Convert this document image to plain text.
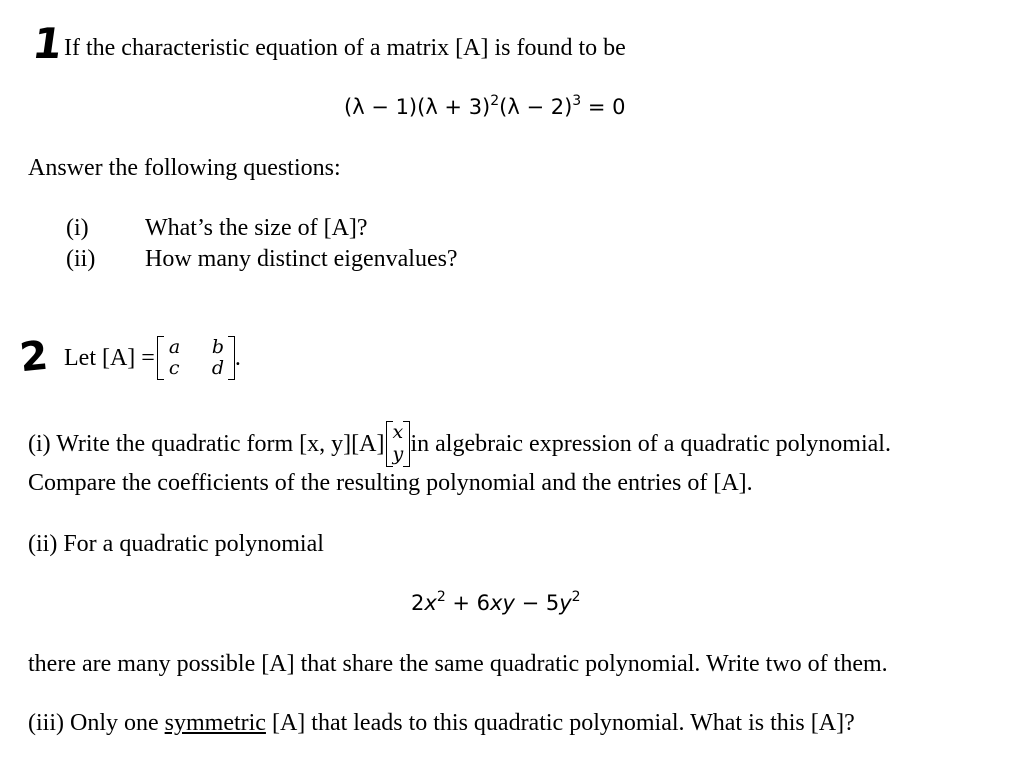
1
If the characteristic equation of a matrix [A] is found to be
$(\lambda - 1)(\lambda + 3)^2(\lambda - 2)^3 = 0$
Answer the following questions:
(i) What’s the size of [A]?
(ii) How many distinct eigenvalues?
2 Let [A] = a b
c d .
(i) Write the quadratic form [x, y][A] x
y in algebraic expression of a quadratic polynomial.
Compare the coefficients of the resulting polynomial and the entries of [A].
(ii) For a quadratic polynomial
$2x^2 + 6xy - 5y^2$
there are many possible [A] that share the same quadratic polynomial. Write two of them.
(iii) Only one symmetric [A] that leads to this quadratic polynomial. What is this [A]?
